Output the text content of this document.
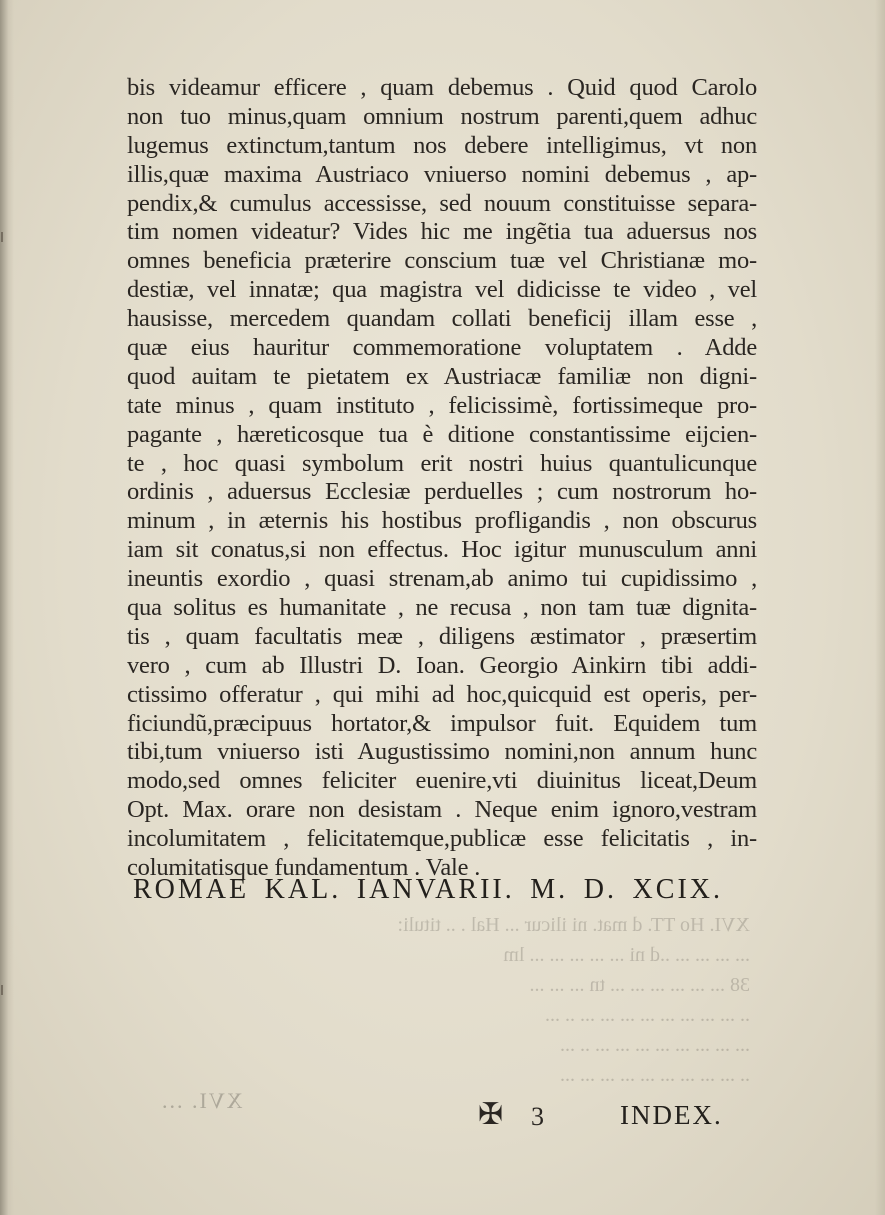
bis videamur efficere , quam debemus . Quid quod Carolo
non tuo minus,quam omnium nostrum parenti,quem adhuc
lugemus extinctum,tantum nos debere intelligimus, vt non
illis,quæ maxima Austriaco vniuerso nomini debemus , ap-
pendix,& cumulus accessisse, sed nouum constituisse separa-
tim nomen videatur? Vides hic me ingẽtia tua aduersus nos
omnes beneficia præterire conscium tuæ vel Christianæ mo-
destiæ, vel innatæ; qua magistra vel didicisse te video , vel
hausisse, mercedem quandam collati beneficij illam esse ,
quæ eius hauritur commemoratione voluptatem . Adde
quod auitam te pietatem ex Austriacæ familiæ non digni-
tate minus , quam instituto , felicissimè, fortissimeque pro-
pagante , hæreticosque tua è ditione constantissime eijcien-
te , hoc quasi symbolum erit nostri huius quantulicunque
ordinis , aduersus Ecclesiæ perduelles ; cum nostrorum ho-
minum , in æternis his hostibus profligandis , non obscurus
iam sit conatus,si non effectus. Hoc igitur munusculum anni
ineuntis exordio , quasi strenam,ab animo tui cupidissimo ,
qua solitus es humanitate , ne recusa , non tam tuæ dignita-
tis , quam facultatis meæ , diligens æstimator , præsertim
vero , cum ab Illustri D. Ioan. Georgio Ainkirn tibi addi-
ctissimo offeratur , qui mihi ad hoc,quicquid est operis, per-
ficiundũ,præcipuus hortator,& impulsor fuit. Equidem tum
tibi,tum vniuerso isti Augustissimo nomini,non annum hunc
modo,sed omnes feliciter euenire,vti diuinitus liceat,Deum
Opt. Max. orare non desistam . Neque enim ignoro,vestram
incolumitatem , felicitatemque,publicæ esse felicitatis , in-
columitatisque fundamentum . Vale .
ROMAE KAL. IANVARII. M. D. XCIX.
XVI. Ho TT. d mat. ni ilicur ... Hal . .. tituli:
... ... ... ... ..d ni ... ... ... ... ... lm
38 ... ... ... ... ... ... tn ... ... ...
.. ... ... ... ... ... ... ... ... .. ...
... ... ... ... ... ... ... ... .. ...
.. ... ... ... ... ... ... ... ... ...
XVI. ...	✠ 3	INDEX.
